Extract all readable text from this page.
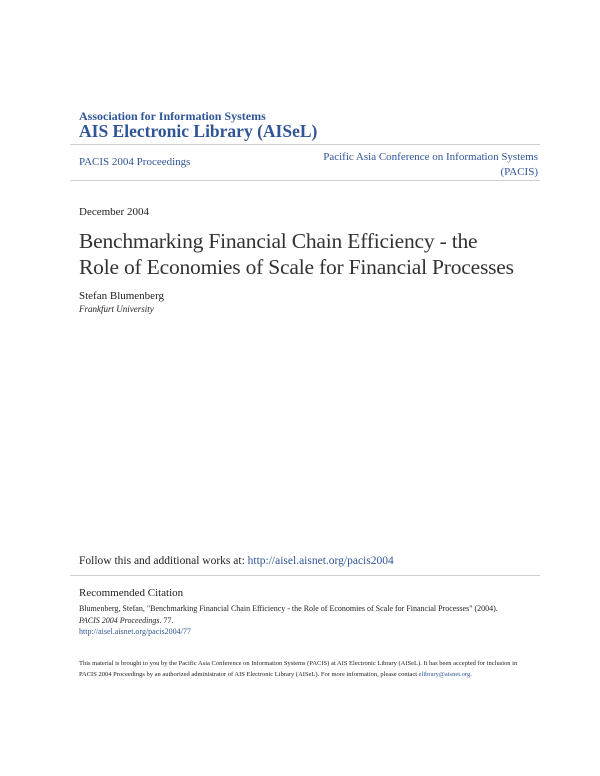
Association for Information Systems
AIS Electronic Library (AISeL)
PACIS 2004 Proceedings	Pacific Asia Conference on Information Systems
(PACIS)
December 2004
Benchmarking Financial Chain Efficiency - the
Role of Economies of Scale for Financial Processes
Stefan Blumenberg
Frankfurt University
Follow this and additional works at: http://aisel.aisnet.org/pacis2004
Recommended Citation
Blumenberg, Stefan, "Benchmarking Financial Chain Efficiency - the Role of Economies of Scale for Financial Processes" (2004).
PACIS 2004 Proceedings. 77.
http://aisel.aisnet.org/pacis2004/77
This material is brought to you by the Pacific Asia Conference on Information Systems (PACIS) at AIS Electronic Library (AISeL). It has been accepted for inclusion in PACIS 2004 Proceedings by an authorized administrator of AIS Electronic Library (AISeL). For more information, please contact elibrary@aisnet.org.
